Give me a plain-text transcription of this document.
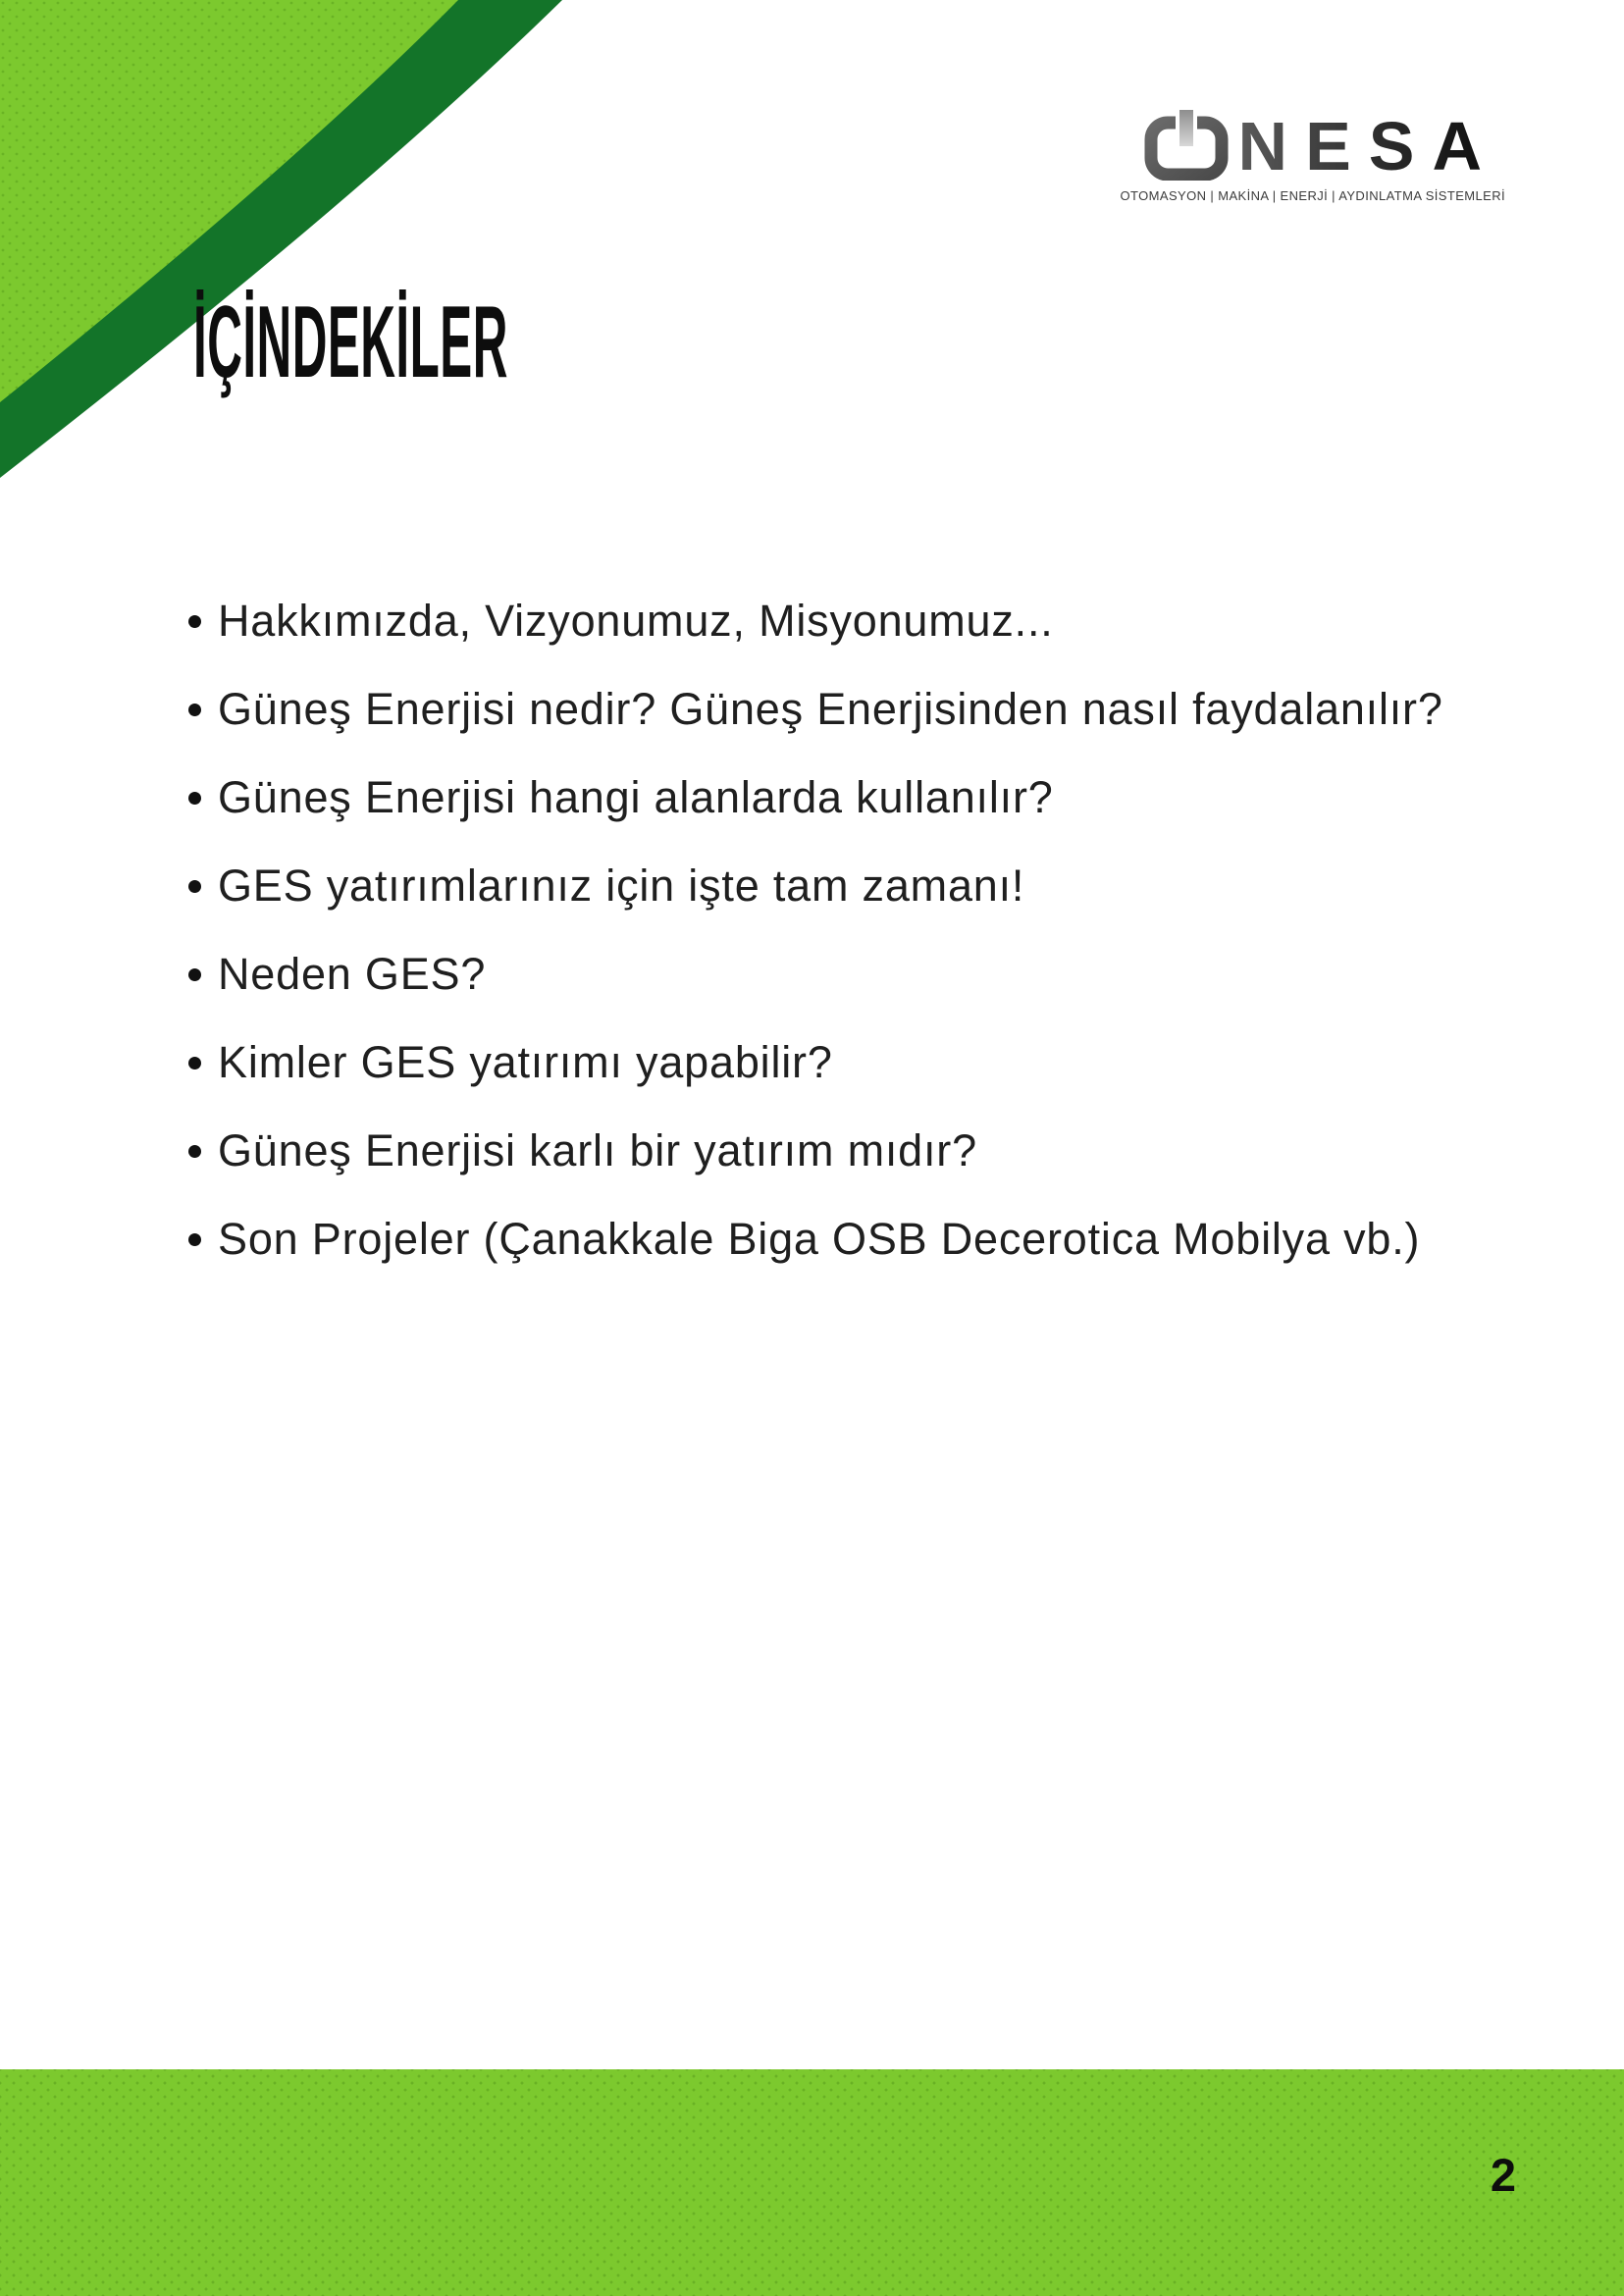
NESA
OTOMASYON | MAKİNA | ENERJİ | AYDINLATMA SİSTEMLERİ
İÇİNDEKİLER
Hakkımızda, Vizyonumuz, Misyonumuz...
Güneş Enerjisi nedir? Güneş Enerjisinden nasıl faydalanılır?
Güneş Enerjisi hangi alanlarda kullanılır?
GES yatırımlarınız için işte tam zamanı!
Neden GES?
Kimler GES yatırımı yapabilir?
Güneş Enerjisi karlı bir yatırım mıdır?
Son Projeler (Çanakkale Biga OSB Decerotica Mobilya vb.)
2
